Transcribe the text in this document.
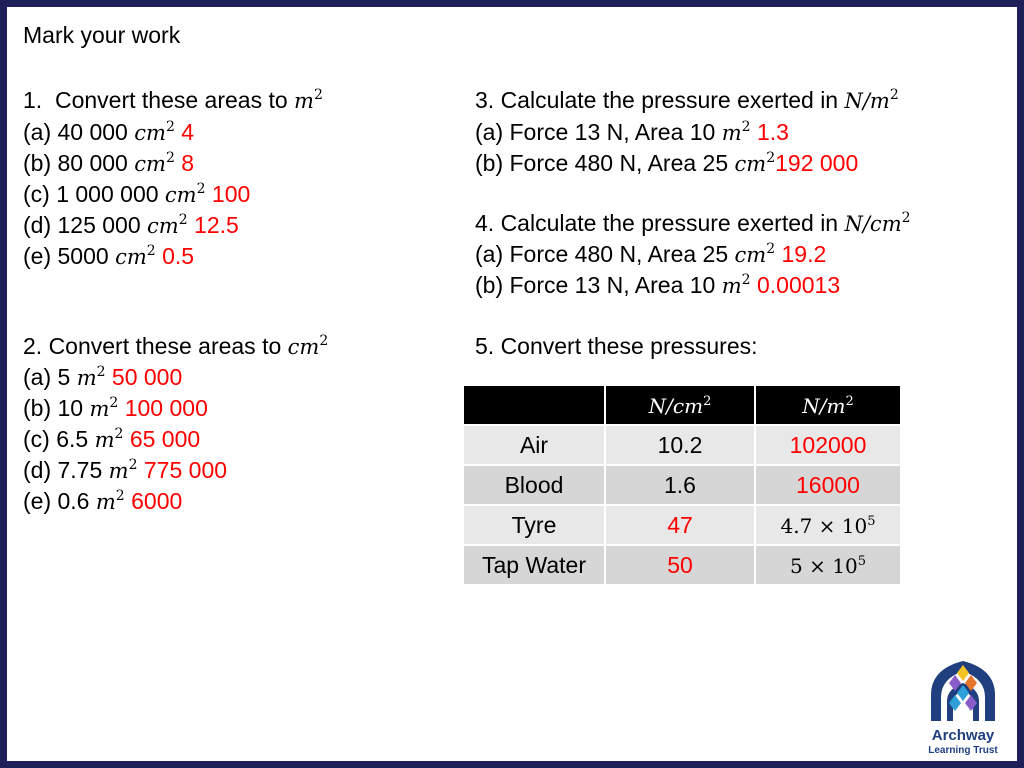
Mark your work
1. Convert these areas to $m^2$
(a) 40 000 $cm^2$ 4
(b) 80 000 $cm^2$ 8
(c) 1 000 000 $cm^2$ 100
(d) 125 000 $cm^2$ 12.5
(e) 5000 $cm^2$ 0.5
2. Convert these areas to $cm^2$
(a) 5 $m^2$ 50 000
(b) 10 $m^2$ 100 000
(c) 6.5 $m^2$ 65 000
(d) 7.75 $m^2$ 775 000
(e) 0.6 $m^2$ 6000
3. Calculate the pressure exerted in $N/m^2$
(a) Force 13 N, Area 10 $m^2$ 1.3
(b) Force 480 N, Area 25 $cm^2192$ 000
4. Calculate the pressure exerted in $N/cm^2$
(a) Force 480 N, Area 25 $cm^2$ 19.2
(b) Force 13 N, Area 10 $m^2$ 0.00013
5. Convert these pressures:
	$N/cm^2$	$N/m^2$
Air	10.2	102000
Blood	1.6	16000
Tyre	47	$4.7 \times 10^5$
Tap Water	50	$5 \times 10^5$
Archway
Learning Trust
